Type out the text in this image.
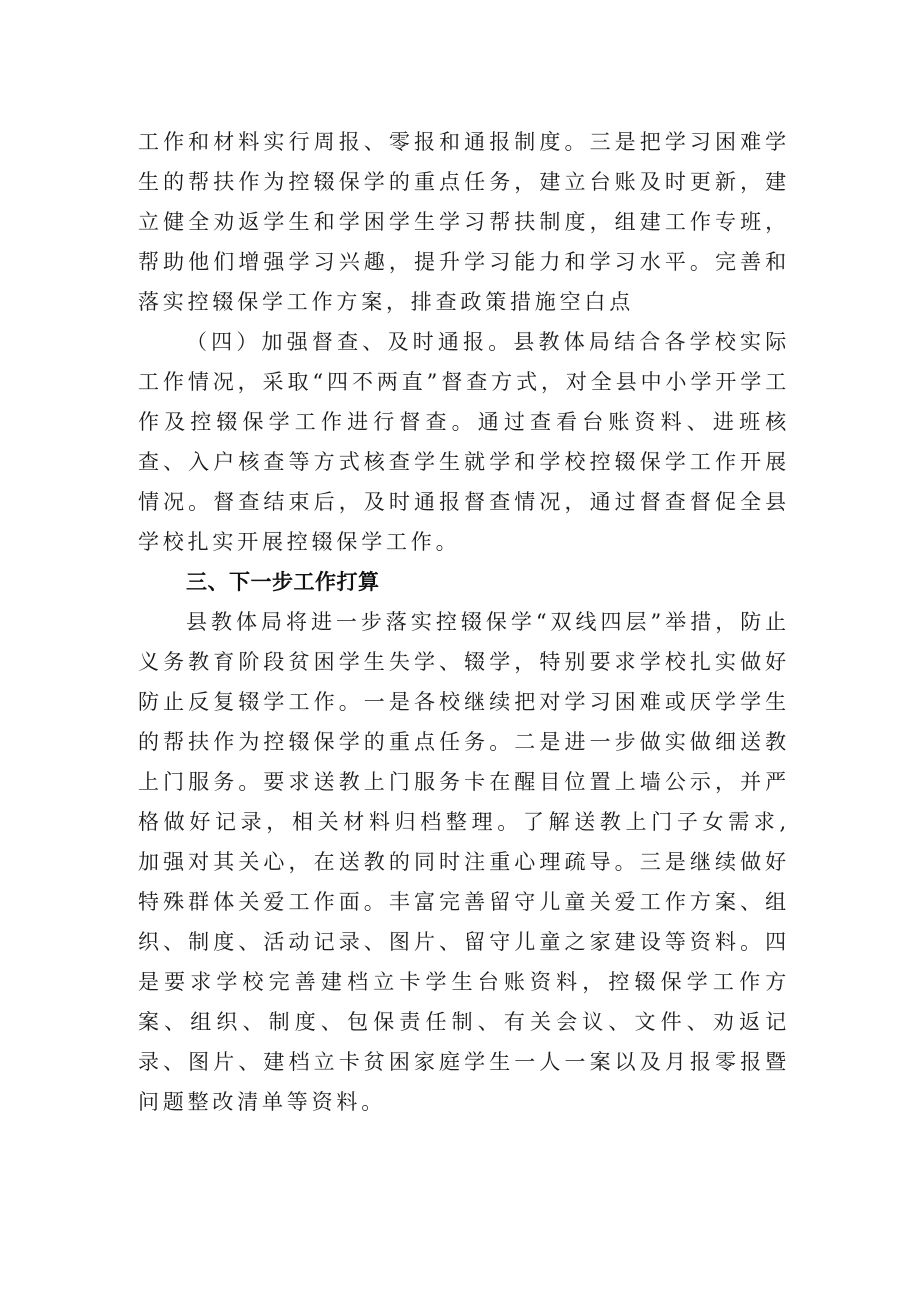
工作和材料实行周报、零报和通报制度。三是把学习困难学生的帮扶作为控辍保学的重点任务，建立台账及时更新，建立健全劝返学生和学困学生学习帮扶制度，组建工作专班，帮助他们增强学习兴趣，提升学习能力和学习水平。完善和落实控辍保学工作方案，排查政策措施空白点

（四）加强督查、及时通报。县教体局结合各学校实际工作情况，采取“四不两直”督查方式，对全县中小学开学工作及控辍保学工作进行督查。通过查看台账资料、进班核查、入户核查等方式核查学生就学和学校控辍保学工作开展情况。督查结束后，及时通报督查情况，通过督查督促全县学校扎实开展控辍保学工作。

三、下一步工作打算

县教体局将进一步落实控辍保学“双线四层”举措，防止义务教育阶段贫困学生失学、辍学，特别要求学校扎实做好防止反复辍学工作。一是各校继续把对学习困难或厌学学生的帮扶作为控辍保学的重点任务。二是进一步做实做细送教上门服务。要求送教上门服务卡在醒目位置上墙公示，并严格做好记录，相关材料归档整理。了解送教上门子女需求,加强对其关心，在送教的同时注重心理疏导。三是继续做好特殊群体关爱工作面。丰富完善留守儿童关爱工作方案、组织、制度、活动记录、图片、留守儿童之家建设等资料。四是要求学校完善建档立卡学生台账资料，控辍保学工作方案、组织、制度、包保责任制、有关会议、文件、劝返记录、图片、建档立卡贫困家庭学生一人一案以及月报零报暨问题整改清单等资料。
